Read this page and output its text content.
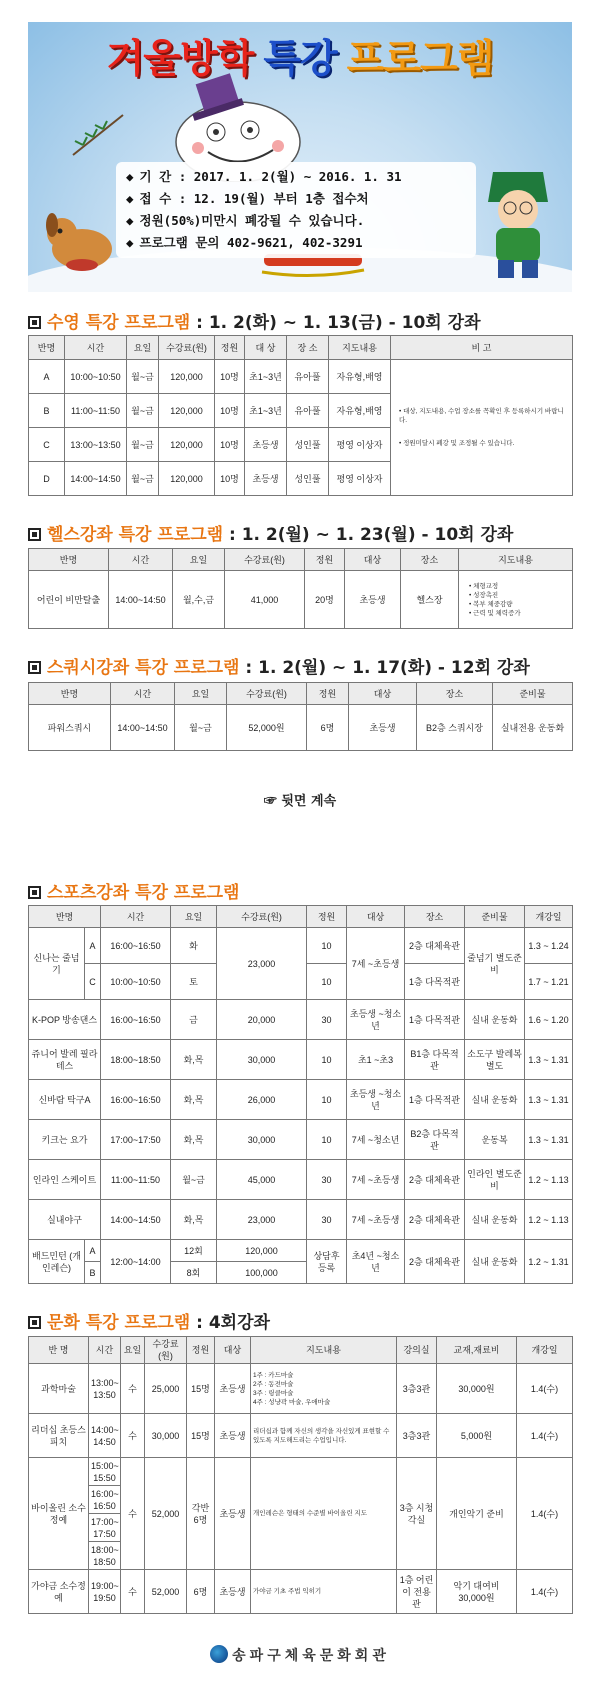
겨울방학 특강 프로그램
◆ 기 간 : 2017. 1. 2(월) ~ 2016. 1. 31
◆ 접 수 : 12. 19(월) 부터 1층 접수처
◆ 정원(50%)미만시 폐강될 수 있습니다.
◆ 프로그램 문의 402-9621, 402-3291
수영 특강 프로그램 : 1. 2(화) ~ 1. 13(금) - 10회 강좌
반명	시간	요일	수강료(원)	정원	대 상	장 소	지도내용	비 고
A	10:00~10:50	월~금	120,000	10명	초1~3년	유아풀	자유형,배영	• 대상, 지도내용, 수업 장소를 꼭확인 후 등록하시기 바랍니다.
• 정원미달시 폐강 및 조정될 수 있습니다.

B	11:00~11:50	월~금	120,000	10명	초1~3년	유아풀	자유형,배영	
C	13:00~13:50	월~금	120,000	10명	초등생	성인풀	평영 이상자	
D	14:00~14:50	월~금	120,000	10명	초등생	성인풀	평영 이상자	
헬스강좌 특강 프로그램 : 1. 2(월) ~ 1. 23(월) - 10회 강좌
반명	시간	요일	수강료(원)	정원	대상	장소	지도내용
어린이 비만탈출	14:00~14:50	월,수,금	41,000	20명	초등생	헬스장	• 체형교정
• 성장촉진
• 복부 체중감량
• 근력 및 체력증가
스쿼시강좌 특강 프로그램 : 1. 2(월) ~ 1. 17(화) - 12회 강좌
반명	시간	요일	수강료(원)	정원	대상	장소	준비물
파워스쿼시	14:00~14:50	월~금	52,000원	6명	초등생	B2층 스쿼시장	실내전용 운동화
☞ 뒷면 계속
스포츠강좌 특강 프로그램
반명		시간	요일	수강료(원)	정원	대상	장소	준비물	개강일
신나는 줄넘기	A	16:00~16:50	화	23,000	10	7세 ~초등생	2층 대체육관	줄넘기 별도준비	1.3 ~ 1.24
	C	10:00~10:50	토		10		1층 다목적관		1.7 ~ 1.21
K-POP 방송댄스		16:00~16:50	금	20,000	30	초등생 ~청소년	1층 다목적관	실내 운동화	1.6 ~ 1.20
쥬니어 발레 필라테스		18:00~18:50	화,목	30,000	10	초1 ~초3	B1층 다목적관	소도구 발레복 별도	1.3 ~ 1.31
신바람 탁구A		16:00~16:50	화,목	26,000	10	초등생 ~청소년	1층 다목적관	실내 운동화	1.3 ~ 1.31
키크는 요가		17:00~17:50	화,목	30,000	10	7세 ~청소년	B2층 다목적관	운동복	1.3 ~ 1.31
인라인 스케이트		11:00~11:50	월~금	45,000	30	7세 ~초등생	2층 대체육관	인라인 별도준비	1.2 ~ 1.13
실내야구		14:00~14:50	화,목	23,000	30	7세 ~초등생	2층 대체육관	실내 운동화	1.2 ~ 1.13
배드민턴 (개인레슨)	A	12:00~14:00	12회	120,000	상담후 등록	초4년 ~청소년	2층 대체육관	실내 운동화	1.2 ~ 1.31
	B		8회	100,000					
문화 특강 프로그램 : 4회강좌
반 명	시간	요일	수강료(원)	정원	대상	지도내용	강의실	교재,재료비	개강일
과학마술	13:00~ 13:50	수	25,000	15명	초등생	1주 : 카드마술
2주 : 동전마술
3주 : 링클마술
4주 : 성냥곽 마술, 우애마술	3층3관	30,000원	1.4(수)
리더십 초등스피치	14:00~ 14:50	수	30,000	15명	초등생	리더십과 함께 자신의 생각을 자신있게 표현할 수 있도록 지도해드리는 수업입니다.	3층3관	5,000원	1.4(수)
바이올린 소수정예	15:00~ 15:50	수	52,000	각반 6명	초등생	개인레슨은 형태의 수준별 바이올린 지도	3층 시청 각실	개인악기 준비	1.4(수)
	16:00~ 16:50								
	17:00~ 17:50								
	18:00~ 18:50								
가야금 소수정예	19:00~ 19:50	수	52,000	6명	초등생	가야금 기초 주법 익히기	1층 어린이 전용관	악기 대여비 30,000원	1.4(수)
송파구체육문화회관
